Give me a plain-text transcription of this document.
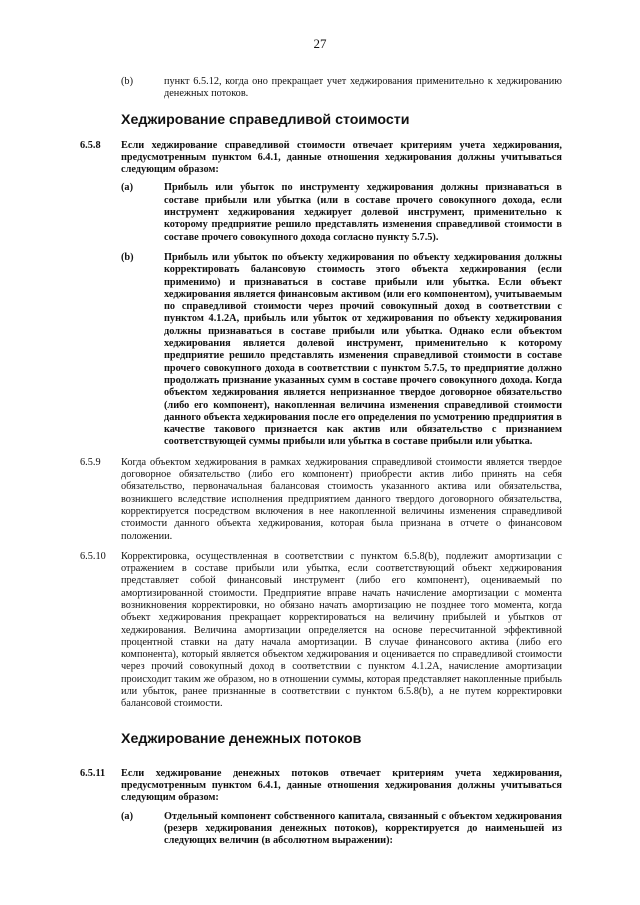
27
(b)	пункт 6.5.12, когда оно прекращает учет хеджирования применительно к хеджированию денежных потоков.

Хеджирование справедливой стоимости
6.5.8 Если хеджирование справедливой стоимости отвечает критериям учета хеджирования, предусмотренным пунктом 6.4.1, данные отношения хеджирования должны учитываться следующим образом:

(a)	Прибыль или убыток по инструменту хеджирования должны признаваться в составе прибыли или убытка (или в составе прочего совокупного дохода, если инструмент хеджирования хеджирует долевой инструмент, применительно к которому предприятие решило представлять изменения справедливой стоимости в составе прочего совокупного дохода согласно пункту 5.7.5).

(b)	Прибыль или убыток по объекту хеджирования по объекту хеджирования должны корректировать балансовую стоимость этого объекта хеджирования (если применимо) и признаваться в составе прибыли или убытка. Если объект хеджирования является финансовым активом (или его компонентом), учитываемым по справедливой стоимости через прочий совокупный доход в соответствии с пунктом 4.1.2A, прибыль или убыток от хеджирования по объекту хеджирования должны признаваться в составе прибыли или убытка. Однако если объектом хеджирования является долевой инструмент, применительно к которому предприятие решило представлять изменения справедливой стоимости в составе прочего совокупного дохода в соответствии с пунктом 5.7.5, то предприятие должно продолжать признание указанных сумм в составе прочего совокупного дохода. Когда объектом хеджирования является непризнанное твердое договорное обязательство (либо его компонент), накопленная величина изменения справедливой стоимости данного объекта хеджирования после его определения по усмотрению предприятия в качестве такового признается как актив или обязательство с признанием соответствующей суммы прибыли или убытка в составе прибыли или убытка.

6.5.9 Когда объектом хеджирования в рамках хеджирования справедливой стоимости является твердое договорное обязательство (либо его компонент) приобрести актив либо принять на себя обязательство, первоначальная балансовая стоимость указанного актива или обязательства, возникшего вследствие исполнения предприятием данного твердого договорного обязательства, корректируется посредством включения в нее накопленной величины изменения справедливой стоимости данного объекта хеджирования, которая была признана в отчете о финансовом положении.

6.5.10 Корректировка, осуществленная в соответствии с пунктом 6.5.8(b), подлежит амортизации с отражением в составе прибыли или убытка, если соответствующий объект хеджирования представляет собой финансовый инструмент (либо его компонент), оцениваемый по амортизированной стоимости. Предприятие вправе начать начисление амортизации с момента возникновения корректировки, но обязано начать амортизацию не позднее того момента, когда объект хеджирования прекращает корректироваться на величину прибылей и убытков от хеджирования. Величина амортизации определяется на основе пересчитанной эффективной процентной ставки на дату начала амортизации. В случае финансового актива (либо его компонента), который является объектом хеджирования и оценивается по справедливой стоимости через прочий совокупный доход в соответствии с пунктом 4.1.2A, начисление амортизации происходит таким же образом, но в отношении суммы, которая представляет накопленные прибыль или убыток, ранее признанные в соответствии с пунктом 6.5.8(b), а не путем корректировки балансовой стоимости.

Хеджирование денежных потоков
6.5.11 Если хеджирование денежных потоков отвечает критериям учета хеджирования, предусмотренным пунктом 6.4.1, данные отношения хеджирования должны учитываться следующим образом:

(a)	Отдельный компонент собственного капитала, связанный с объектом хеджирования (резерв хеджирования денежных потоков), корректируется до наименьшей из следующих величин (в абсолютном выражении):
